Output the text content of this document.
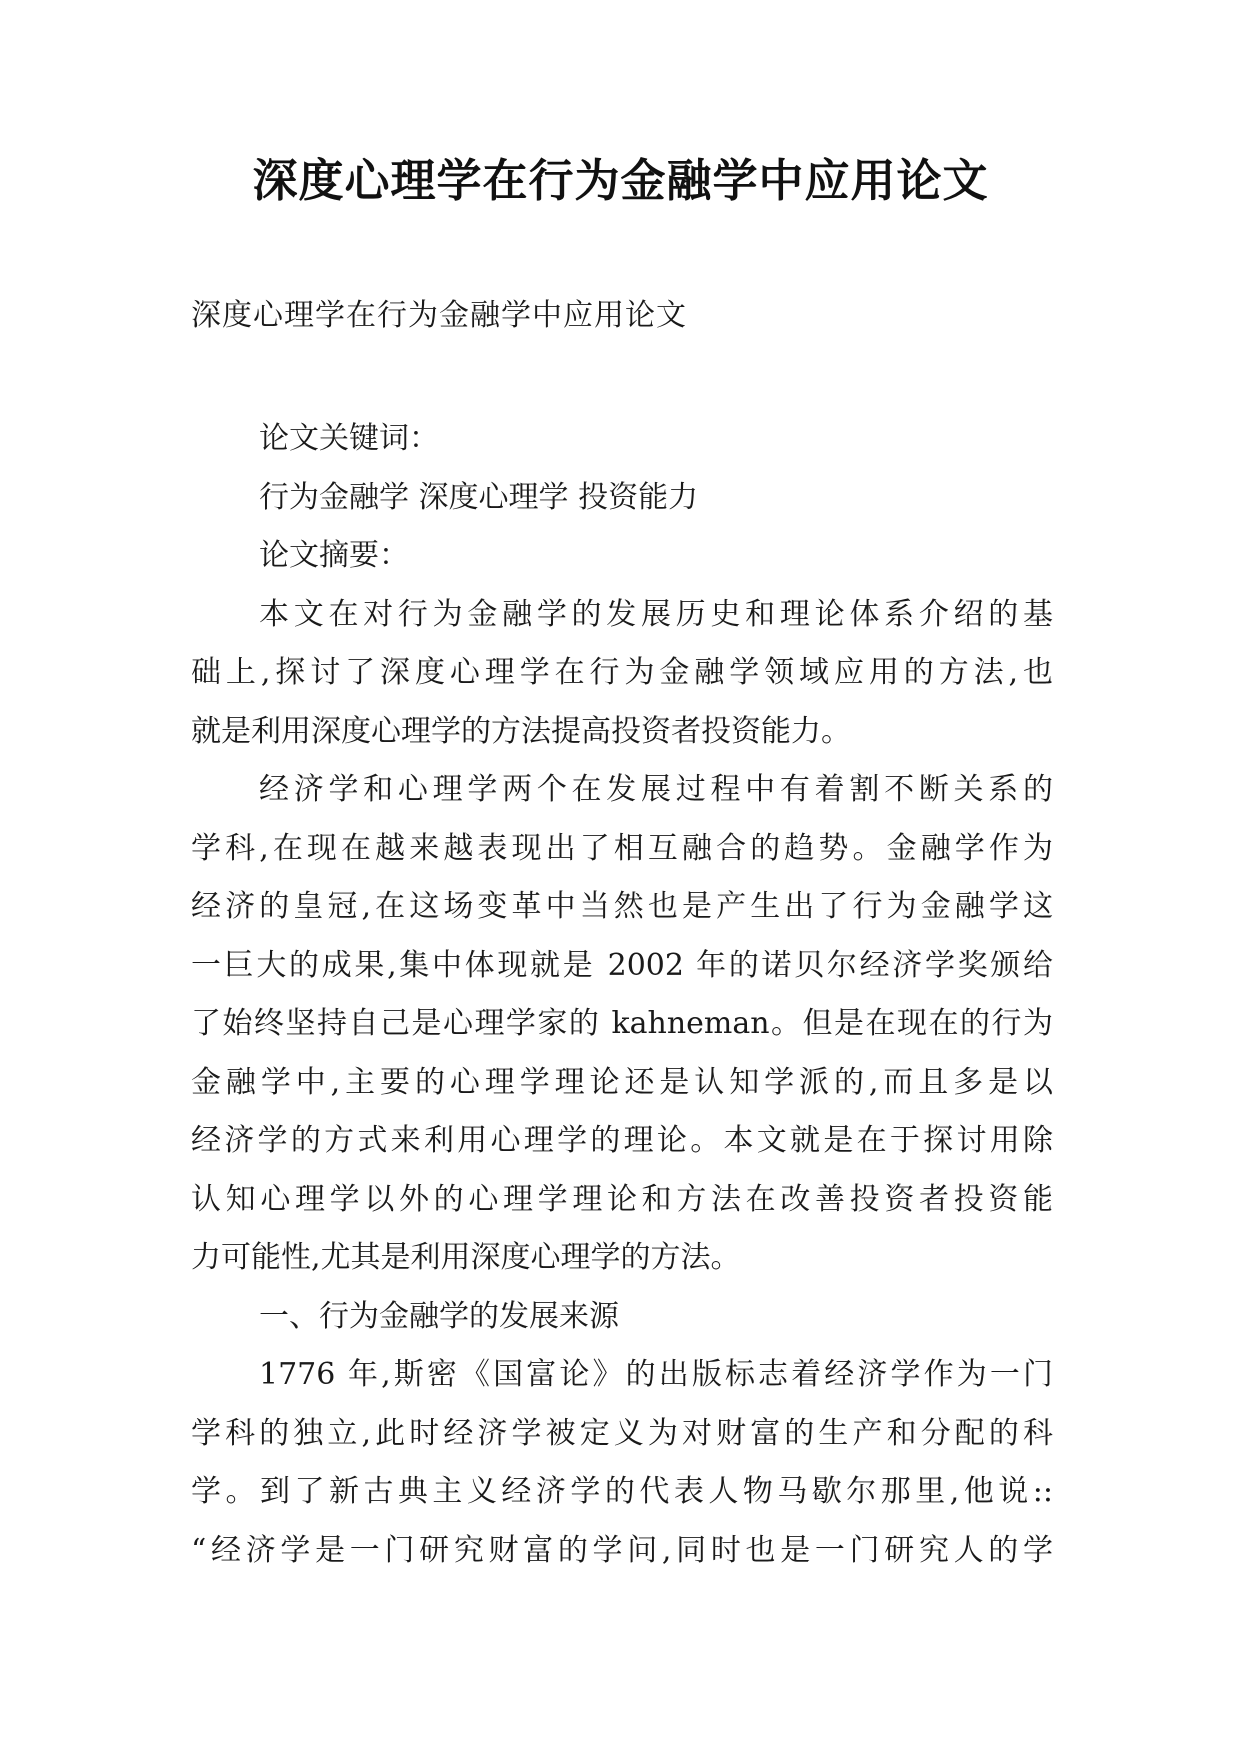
深度心理学在行为金融学中应用论文
深度心理学在行为金融学中应用论文
论文关键词：
行为金融学 深度心理学 投资能力
论文摘要：
本文在对行为金融学的发展历史和理论体系介绍的基
础上,探讨了深度心理学在行为金融学领域应用的方法,也
就是利用深度心理学的方法提高投资者投资能力。
经济学和心理学两个在发展过程中有着割不断关系的
学科,在现在越来越表现出了相互融合的趋势。金融学作为
经济的皇冠,在这场变革中当然也是产生出了行为金融学这
一巨大的成果,集中体现就是 2002 年的诺贝尔经济学奖颁给
了始终坚持自己是心理学家的 kahneman。但是在现在的行为
金融学中,主要的心理学理论还是认知学派的,而且多是以
经济学的方式来利用心理学的理论。本文就是在于探讨用除
认知心理学以外的心理学理论和方法在改善投资者投资能
力可能性,尤其是利用深度心理学的方法。
一、行为金融学的发展来源
1776 年,斯密《国富论》的出版标志着经济学作为一门
学科的独立,此时经济学被定义为对财富的生产和分配的科
学。到了新古典主义经济学的代表人物马歇尔那里,他说::
“经济学是一门研究财富的学问,同时也是一门研究人的学
